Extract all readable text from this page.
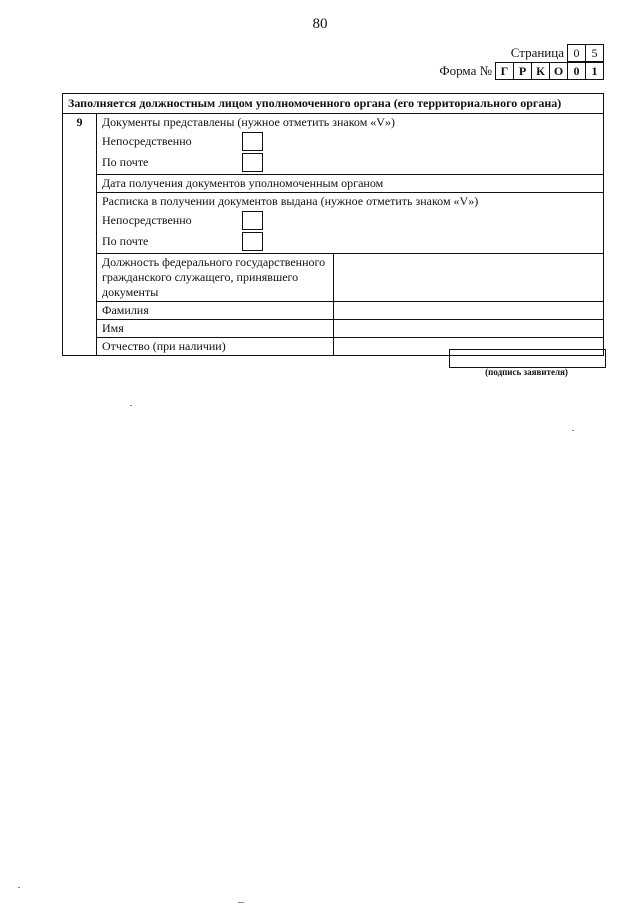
80
Страница 0	5
Форма № Г Р К О 0	1
Заполняется должностным лицом уполномоченного органа (его территориального органа)		
9	Документы представлены (нужное отметить знаком «V»)
Непосредственно
По почте	

	Дата получения документов уполномоченным органом	

	Расписка в получении документов выдана (нужное отметить знаком «V»)
Непосредственно
По почте	

	Должность федерального государственного гражданского служащего, принявшего документы	
	Фамилия	
	Имя	
	Отчество (при наличии)	
(подпись заявителя)
